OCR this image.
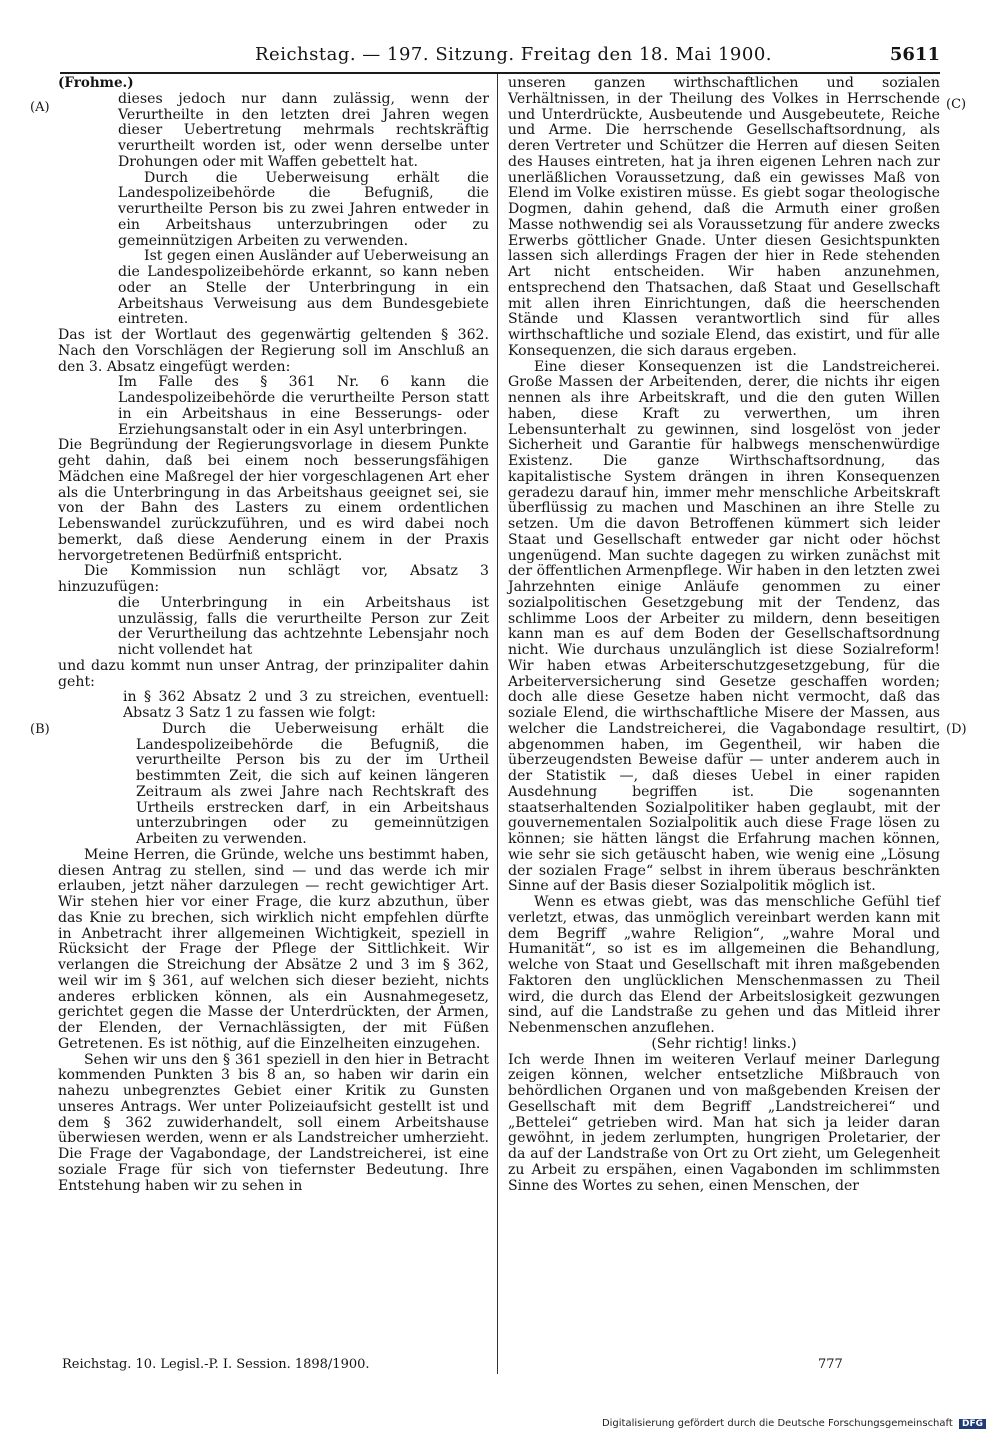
Reichstag. — 197. Sitzung. Freitag den 18. Mai 1900.	5611
(A)
(B)
(C)
(D)

(Frohme.)

dieses jedoch nur dann zulässig, wenn der Verurtheilte in den letzten drei Jahren wegen dieser Uebertretung mehrmals rechtskräftig verurtheilt worden ist, oder wenn derselbe unter Drohungen oder mit Waffen gebettelt hat.

Durch die Ueberweisung erhält die Landespolizeibehörde die Befugniß, die verurtheilte Person bis zu zwei Jahren entweder in ein Arbeitshaus unterzubringen oder zu gemeinnützigen Arbeiten zu verwenden.

Ist gegen einen Ausländer auf Ueberweisung an die Landespolizeibehörde erkannt, so kann neben oder an Stelle der Unterbringung in ein Arbeitshaus Verweisung aus dem Bundesgebiete eintreten.

Das ist der Wortlaut des gegenwärtig geltenden § 362. Nach den Vorschlägen der Regierung soll im Anschluß an den 3. Absatz eingefügt werden:

Im Falle des § 361 Nr. 6 kann die Landespolizeibehörde die verurtheilte Person statt in ein Arbeitshaus in eine Besserungs- oder Erziehungsanstalt oder in ein Asyl unterbringen.

Die Begründung der Regierungsvorlage in diesem Punkte geht dahin, daß bei einem noch besserungsfähigen Mädchen eine Maßregel der hier vorgeschlagenen Art eher als die Unterbringung in das Arbeitshaus geeignet sei, sie von der Bahn des Lasters zu einem ordentlichen Lebenswandel zurückzuführen, und es wird dabei noch bemerkt, daß diese Aenderung einem in der Praxis hervorgetretenen Bedürfniß entspricht.

Die Kommission nun schlägt vor, Absatz 3 hinzuzufügen:

die Unterbringung in ein Arbeitshaus ist unzulässig, falls die verurtheilte Person zur Zeit der Verurtheilung das achtzehnte Lebensjahr noch nicht vollendet hat

und dazu kommt nun unser Antrag, der prinzipaliter dahin geht:

in § 362 Absatz 2 und 3 zu streichen, eventuell: Absatz 3 Satz 1 zu fassen wie folgt:

Durch die Ueberweisung erhält die Landespolizeibehörde die Befugniß, die verurtheilte Person bis zu der im Urtheil bestimmten Zeit, die sich auf keinen längeren Zeitraum als zwei Jahre nach Rechtskraft des Urtheils erstrecken darf, in ein Arbeitshaus unterzubringen oder zu gemeinnützigen Arbeiten zu verwenden.

Meine Herren, die Gründe, welche uns bestimmt haben, diesen Antrag zu stellen, sind — und das werde ich mir erlauben, jetzt näher darzulegen — recht gewichtiger Art. Wir stehen hier vor einer Frage, die kurz abzuthun, über das Knie zu brechen, sich wirklich nicht empfehlen dürfte in Anbetracht ihrer allgemeinen Wichtigkeit, speziell in Rücksicht der Frage der Pflege der Sittlichkeit. Wir verlangen die Streichung der Absätze 2 und 3 im § 362, weil wir im § 361, auf welchen sich dieser bezieht, nichts anderes erblicken können, als ein Ausnahmegesetz, gerichtet gegen die Masse der Unterdrückten, der Armen, der Elenden, der Vernachlässigten, der mit Füßen Getretenen. Es ist nöthig, auf die Einzelheiten einzugehen.

Sehen wir uns den § 361 speziell in den hier in Betracht kommenden Punkten 3 bis 8 an, so haben wir darin ein nahezu unbegrenztes Gebiet einer Kritik zu Gunsten unseres Antrags. Wer unter Polizeiaufsicht gestellt ist und dem § 362 zuwiderhandelt, soll einem Arbeitshause überwiesen werden, wenn er als Landstreicher umherzieht. Die Frage der Vagabondage, der Landstreicherei, ist eine soziale Frage für sich von tiefernster Bedeutung. Ihre Entstehung haben wir zu sehen in

unseren ganzen wirthschaftlichen und sozialen Verhältnissen, in der Theilung des Volkes in Herrschende und Unterdrückte, Ausbeutende und Ausgebeutete, Reiche und Arme. Die herrschende Gesellschaftsordnung, als deren Vertreter und Schützer die Herren auf diesen Seiten des Hauses eintreten, hat ja ihren eigenen Lehren nach zur unerläßlichen Voraussetzung, daß ein gewisses Maß von Elend im Volke existiren müsse. Es giebt sogar theologische Dogmen, dahin gehend, daß die Armuth einer großen Masse nothwendig sei als Voraussetzung für andere zwecks Erwerbs göttlicher Gnade. Unter diesen Gesichtspunkten lassen sich allerdings Fragen der hier in Rede stehenden Art nicht entscheiden. Wir haben anzunehmen, entsprechend den Thatsachen, daß Staat und Gesellschaft mit allen ihren Einrichtungen, daß die heerschenden Stände und Klassen verantwortlich sind für alles wirthschaftliche und soziale Elend, das existirt, und für alle Konsequenzen, die sich daraus ergeben.

Eine dieser Konsequenzen ist die Landstreicherei. Große Massen der Arbeitenden, derer, die nichts ihr eigen nennen als ihre Arbeitskraft, und die den guten Willen haben, diese Kraft zu verwerthen, um ihren Lebensunterhalt zu gewinnen, sind losgelöst von jeder Sicherheit und Garantie für halbwegs menschenwürdige Existenz. Die ganze Wirthschaftsordnung, das kapitalistische System drängen in ihren Konsequenzen geradezu darauf hin, immer mehr menschliche Arbeitskraft überflüssig zu machen und Maschinen an ihre Stelle zu setzen. Um die davon Betroffenen kümmert sich leider Staat und Gesellschaft entweder gar nicht oder höchst ungenügend. Man suchte dagegen zu wirken zunächst mit der öffentlichen Armenpflege. Wir haben in den letzten zwei Jahrzehnten einige Anläufe genommen zu einer sozialpolitischen Gesetzgebung mit der Tendenz, das schlimme Loos der Arbeiter zu mildern, denn beseitigen kann man es auf dem Boden der Gesellschaftsordnung nicht. Wie durchaus unzulänglich ist diese Sozialreform! Wir haben etwas Arbeiterschutzgesetzgebung, für die Arbeiterversicherung sind Gesetze geschaffen worden; doch alle diese Gesetze haben nicht vermocht, daß das soziale Elend, die wirthschaftliche Misere der Massen, aus welcher die Landstreicherei, die Vagabondage resultirt, abgenommen haben, im Gegentheil, wir haben die überzeugendsten Beweise dafür — unter anderem auch in der Statistik —, daß dieses Uebel in einer rapiden Ausdehnung begriffen ist. Die sogenannten staatserhaltenden Sozialpolitiker haben geglaubt, mit der gouvernementalen Sozialpolitik auch diese Frage lösen zu können; sie hätten längst die Erfahrung machen können, wie sehr sie sich getäuscht haben, wie wenig eine „Lösung der sozialen Frage“ selbst in ihrem überaus beschränkten Sinne auf der Basis dieser Sozialpolitik möglich ist.

Wenn es etwas giebt, was das menschliche Gefühl tief verletzt, etwas, das unmöglich vereinbart werden kann mit dem Begriff „wahre Religion“, „wahre Moral und Humanität“, so ist es im allgemeinen die Behandlung, welche von Staat und Gesellschaft mit ihren maßgebenden Faktoren den unglücklichen Menschenmassen zu Theil wird, die durch das Elend der Arbeitslosigkeit gezwungen sind, auf die Landstraße zu gehen und das Mitleid ihrer Nebenmenschen anzuflehen.

(Sehr richtig! links.)

Ich werde Ihnen im weiteren Verlauf meiner Darlegung zeigen können, welcher entsetzliche Mißbrauch von behördlichen Organen und von maßgebenden Kreisen der Gesellschaft mit dem Begriff „Landstreicherei“ und „Bettelei“ getrieben wird. Man hat sich ja leider daran gewöhnt, in jedem zerlumpten, hungrigen Proletarier, der da auf der Landstraße von Ort zu Ort zieht, um Gelegenheit zu Arbeit zu erspähen, einen Vagabonden im schlimmsten Sinne des Wortes zu sehen, einen Menschen, der

Reichstag. 10. Legisl.-P. I. Session. 1898/1900.	777
Digitalisierung gefördert durch die Deutsche Forschungsgemeinschaft DFG
